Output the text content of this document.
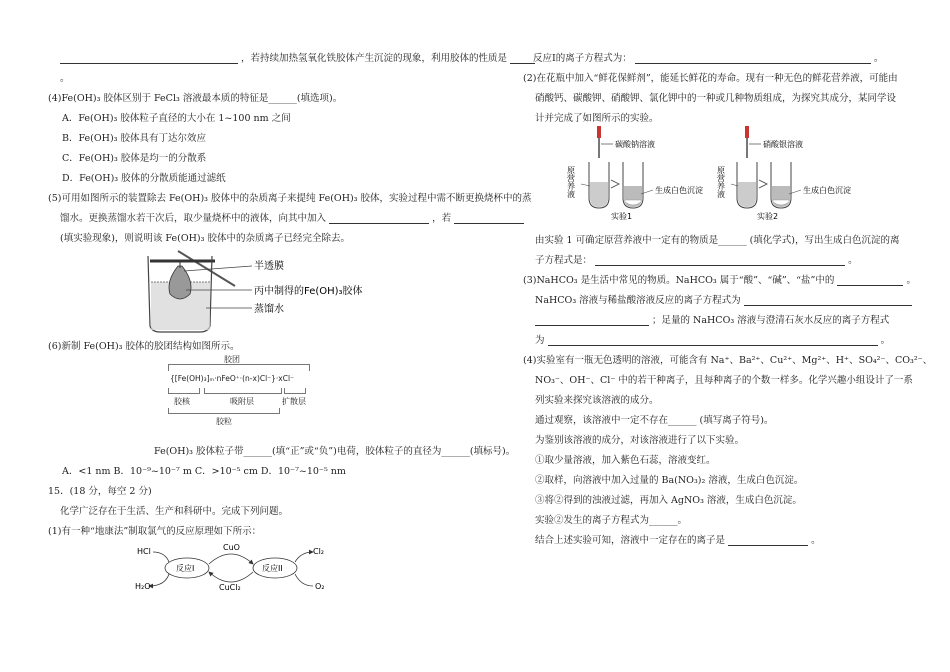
，若持续加热氢氧化铁胶体产生沉淀的现象，利用胶体的性质是
。
(4)Fe(OH)₃ 胶体区别于 FeCl₃ 溶液最本质的特征是______(填选项)。
A．Fe(OH)₃ 胶体粒子直径的大小在 1~100 nm 之间
B．Fe(OH)₃ 胶体具有丁达尔效应
C．Fe(OH)₃ 胶体是均一的分散系
D．Fe(OH)₃ 胶体的分散质能通过滤纸
(5)可用如图所示的装置除去 Fe(OH)₃ 胶体中的杂质离子来提纯 Fe(OH)₃ 胶体，实验过程中需不断更换烧杯中的蒸
馏水。更换蒸馏水若干次后，取少量烧杯中的液体，向其中加入	，若
(填实验现象)，则说明该 Fe(OH)₃ 胶体中的杂质离子已经完全除去。
半透膜
丙中制得的Fe(OH)₃胶体
蒸馏水
(6)新制 Fe(OH)₃ 胶体的胶团结构如图所示。
胶团
{[Fe(OH)₃]ₘ·nFeO⁺·(n-x)Cl⁻}·xCl⁻
胶核	吸附层	扩散层
胶粒
Fe(OH)₃ 胶体粒子带______(填“正”或“负”)电荷，胶体粒子的直径为______(填标号)。
A．<1 nm B．10⁻⁹~10⁻⁷ m C．>10⁻⁵ cm D．10⁻⁷~10⁻⁵ nm
15．(18 分，每空 2 分)
化学广泛存在于生活、生产和科研中。完成下列问题。
(1)有一种“地康法”制取氯气的反应原理如下所示：
反应I	反应II
HCl	CuO	Cl₂
H₂O	CuCl₂	O₂
反应I的离子方程式为：	。
(2)在花瓶中加入“鲜花保鲜剂”，能延长鲜花的寿命。现有一种无色的鲜花营养液，可能由
硝酸钙、碳酸钾、硝酸钾、氯化钾中的一种或几种物质组成，为探究其成分，某同学设
计并完成了如图所示的实验。
碳酸钠溶液
原营养液	生成白色沉淀
实验1
硝酸银溶液
原营养液	生成白色沉淀
实验2
由实验 1 可确定原营养液中一定有的物质是______ (填化学式)，写出生成白色沉淀的离
子方程式是：	。
(3)NaHCO₃ 是生活中常见的物质。NaHCO₃ 属于“酸”、“碱”、“盐”中的	。
NaHCO₃ 溶液与稀盐酸溶液反应的离子方程式为
；足量的 NaHCO₃ 溶液与澄清石灰水反应的离子方程式
为	。
(4)实验室有一瓶无色透明的溶液，可能含有 Na⁺、Ba²⁺、Cu²⁺、Mg²⁺、H⁺、SO₄²⁻、CO₃²⁻、
NO₃⁻、OH⁻、Cl⁻ 中的若干种离子，且每种离子的个数一样多。化学兴趣小组设计了一系
列实验来探究该溶液的成分。
通过观察，该溶液中一定不存在______ (填写离子符号)。
为鉴别该溶液的成分，对该溶液进行了以下实验。
①取少量溶液，加入紫色石蕊，溶液变红。
②取样，向溶液中加入过量的 Ba(NO₃)₂ 溶液，生成白色沉淀。
③将②得到的浊液过滤，再加入 AgNO₃ 溶液，生成白色沉淀。
实验②发生的离子方程式为______。
结合上述实验可知，溶液中一定存在的离子是	。
